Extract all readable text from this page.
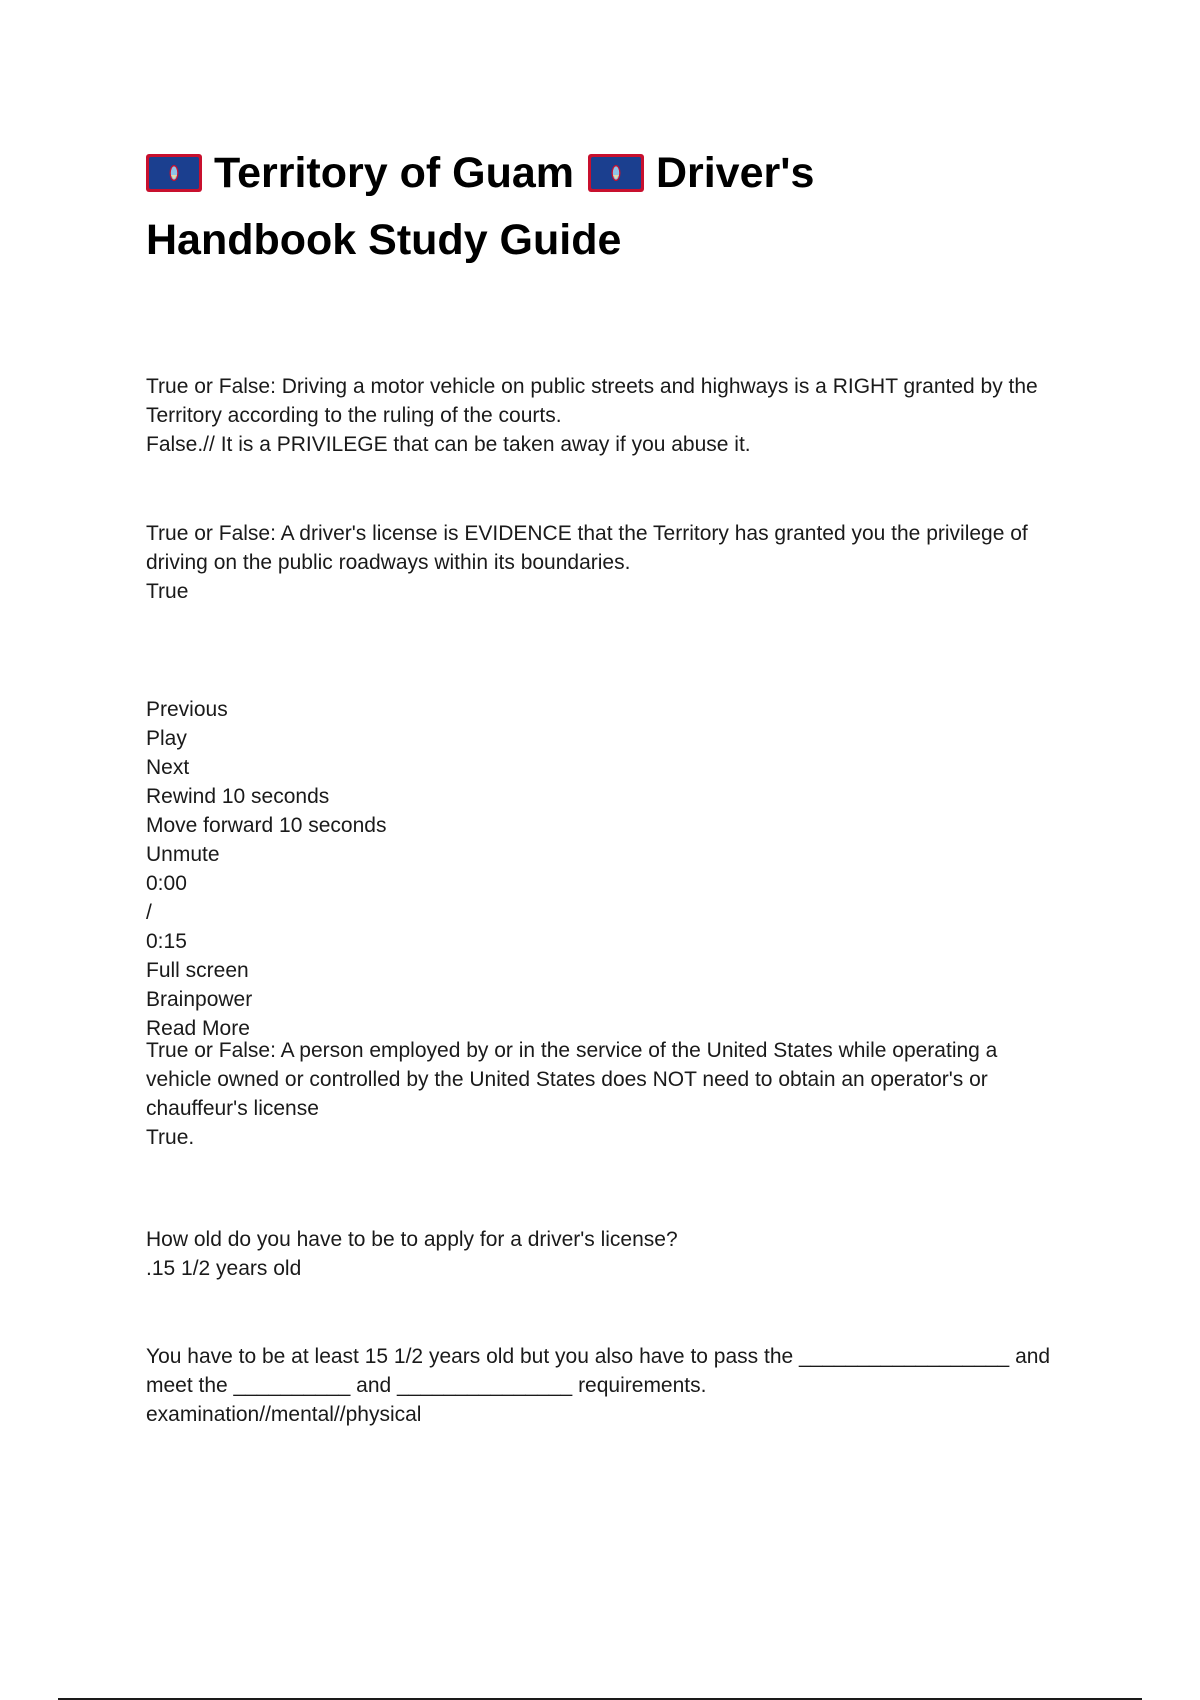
Territory of Guam Driver's
Handbook Study Guide

True or False: Driving a motor vehicle on public streets and highways is a RIGHT granted by the Territory according to the ruling of the courts.

False.// It is a PRIVILEGE that can be taken away if you abuse it.

True or False: A driver's license is EVIDENCE that the Territory has granted you the privilege of driving on the public roadways within its boundaries.

True

Previous

Play

Next

Rewind 10 seconds

Move forward 10 seconds

Unmute

0:00

/

0:15

Full screen

Brainpower

Read More

True or False: A person employed by or in the service of the United States while operating a vehicle owned or controlled by the United States does NOT need to obtain an operator's or chauffeur's license

True.

How old do you have to be to apply for a driver's license?

.15 1/2 years old

You have to be at least 15 1/2 years old but you also have to pass the __________________ and meet the __________ and _______________ requirements.

examination//mental//physical
